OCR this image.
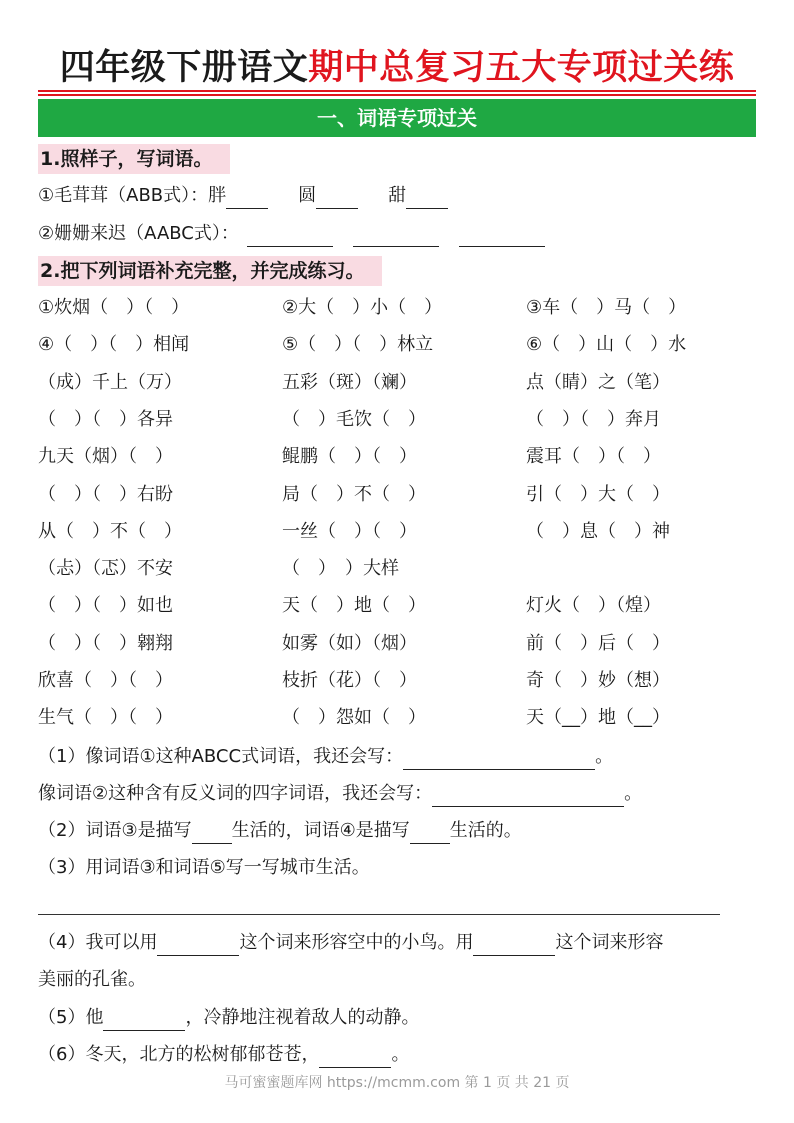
四年级下册语文期中总复习五大专项过关练
一、词语专项过关
1.照样子，写词语。
①毛茸茸（ABB式）：胖	圆	甜
②姗姗来迟（AABC式）：
2.把下列词语补充完整，并完成练习。
①炊烟（　）（　）	②大（　）小（　）	③车（　）马（　）
④（　）（　）相闻	⑤（　）（　）林立	⑥（　）山（　）水
（成）千上（万）	五彩（斑）（斓）	点（睛）之（笔）
（　）（　）各异	（　）毛饮（　）	（　）（　）奔月
九天（烟）（　）	鲲鹏（　）（　）	震耳（　）（　）
（　）（　）右盼	局（　）不（　）	引（　）大（　）
从（　）不（　）	一丝（　）（　）	（　）息（　）神
（忐）（忑）不安	（　）　）大样
（　）（　）如也	天（　）地（　）	灯火（　）（煌）
（　）（　）翱翔	如雾（如）（烟）	前（　）后（　）
欣喜（　）（　）	枝折（花）（　）	奇（　）妙（想）
生气（　）（　）	（　）怨如（　）	天（__）地（__）
（1）像词语①这种ABCC式词语，我还会写：	。
像词语②这种含有反义词的四字词语，我还会写：	。
（2）词语③是描写 生活的，词语④是描写 生活的。
（3）用词语③和词语⑤写一写城市生活。
（4）我可以用	这个词来形容空中的小鸟。用	这个词来形容
美丽的孔雀。
（5）他	，冷静地注视着敌人的动静。
（6）冬天，北方的松树郁郁苍苍，	。
马可蜜蜜题库网 https://mcmm.com 第 1 页 共 21 页
